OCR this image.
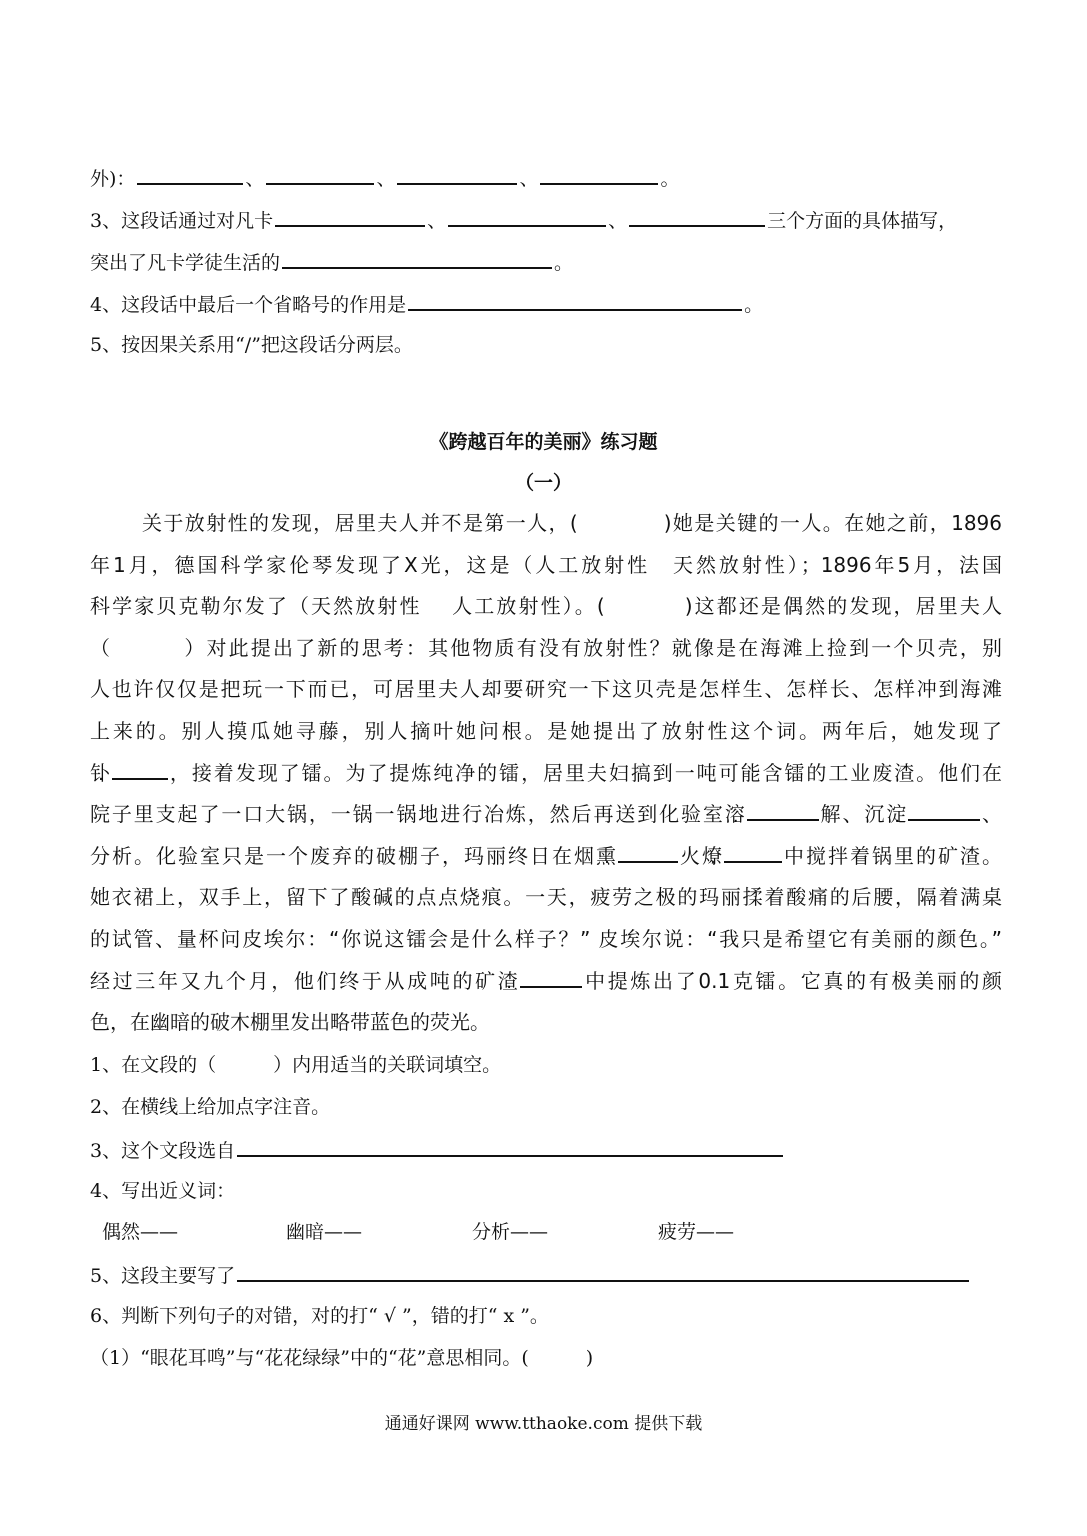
外)：	、	、	、	。
3、这段话通过对凡卡	、	、	三个方面的具体描写，
突出了凡卡学徒生活的	。
4、这段话中最后一个省略号的作用是	。
5、按因果关系用“/”把这段话分两层。
《跨越百年的美丽》练习题
（一）
关于放射性的发现，居里夫人并不是第一人，(	)她是关键的一人。在她之前，1896
年1月，德国科学家伦琴发现了X光，这是（人工放射性　天然放射性）；1896年5月，法国
科学家贝克勒尔发了（天然放射性　 人工放射性）。(	)这都还是偶然的发现，居里夫人
（	）对此提出了新的思考：其他物质有没有放射性？就像是在海滩上捡到一个贝壳，别
人也许仅仅是把玩一下而已，可居里夫人却要研究一下这贝壳是怎样生、怎样长、怎样冲到海滩
上来的。别人摸瓜她寻藤，别人摘叶她问根。是她提出了放射性这个词。两年后，她发现了
钋	，接着发现了镭。为了提炼纯净的镭，居里夫妇搞到一吨可能含镭的工业废渣。他们在
院子里支起了一口大锅，一锅一锅地进行冶炼，然后再送到化验室溶	解、沉淀	、
分析。化验室只是一个废弃的破棚子，玛丽终日在烟熏	火燎	中搅拌着锅里的矿渣。
她衣裙上，双手上，留下了酸碱的点点烧痕。一天，疲劳之极的玛丽揉着酸痛的后腰，隔着满桌
的试管、量杯问皮埃尔：“你说这镭会是什么样子？” 皮埃尔说：“我只是希望它有美丽的颜色。”
经过三年又九个月，他们终于从成吨的矿渣	中提炼出了0.1克镭。它真的有极美丽的颜
色，在幽暗的破木棚里发出略带蓝色的荧光。
1、在文段的（　　　）内用适当的关联词填空。
2、在横线上给加点字注音。
3、这个文段选自
4、写出近义词：
偶然——	幽暗——	分析——	疲劳——
5、这段主要写了
6、判断下列句子的对错，对的打“ √ ”，错的打“ x ”。
（1）“眼花耳鸣”与“花花绿绿”中的“花”意思相同。(　　　)
通通好课网 www.tthaoke.com 提供下载
